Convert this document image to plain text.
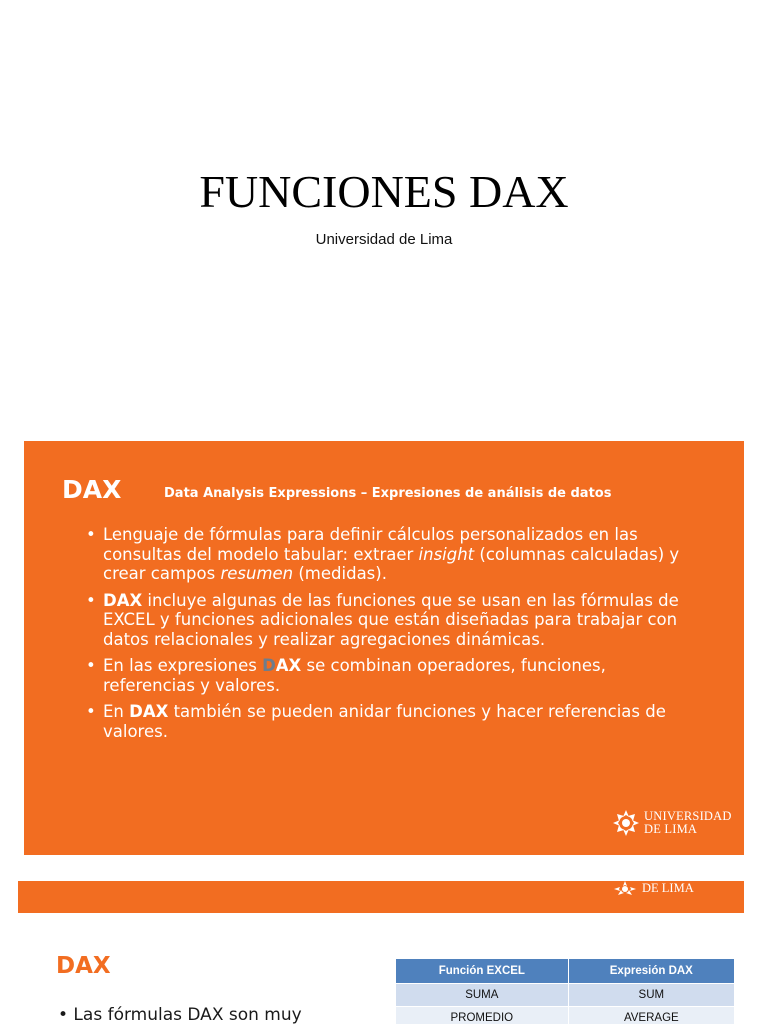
FUNCIONES DAX
Universidad de Lima
DAX	Data Analysis Expressions – Expresiones de análisis de datos
• Lenguaje de fórmulas para definir cálculos personalizados en las consultas del modelo tabular: extraer insight (columnas calculadas) y crear campos resumen (medidas).
• DAX incluye algunas de las funciones que se usan en las fórmulas de EXCEL y funciones adicionales que están diseñadas para trabajar con datos relacionales y realizar agregaciones dinámicas.
• En las expresiones DAX se combinan operadores, funciones, referencias y valores.
• En DAX también se pueden anidar funciones y hacer referencias de valores.
UNIVERSIDAD
DE LIMA
DE LIMA
DAX
• Las fórmulas DAX son muy
Función EXCEL	Expresión DAX
SUMA	SUM
PROMEDIO	AVERAGE
